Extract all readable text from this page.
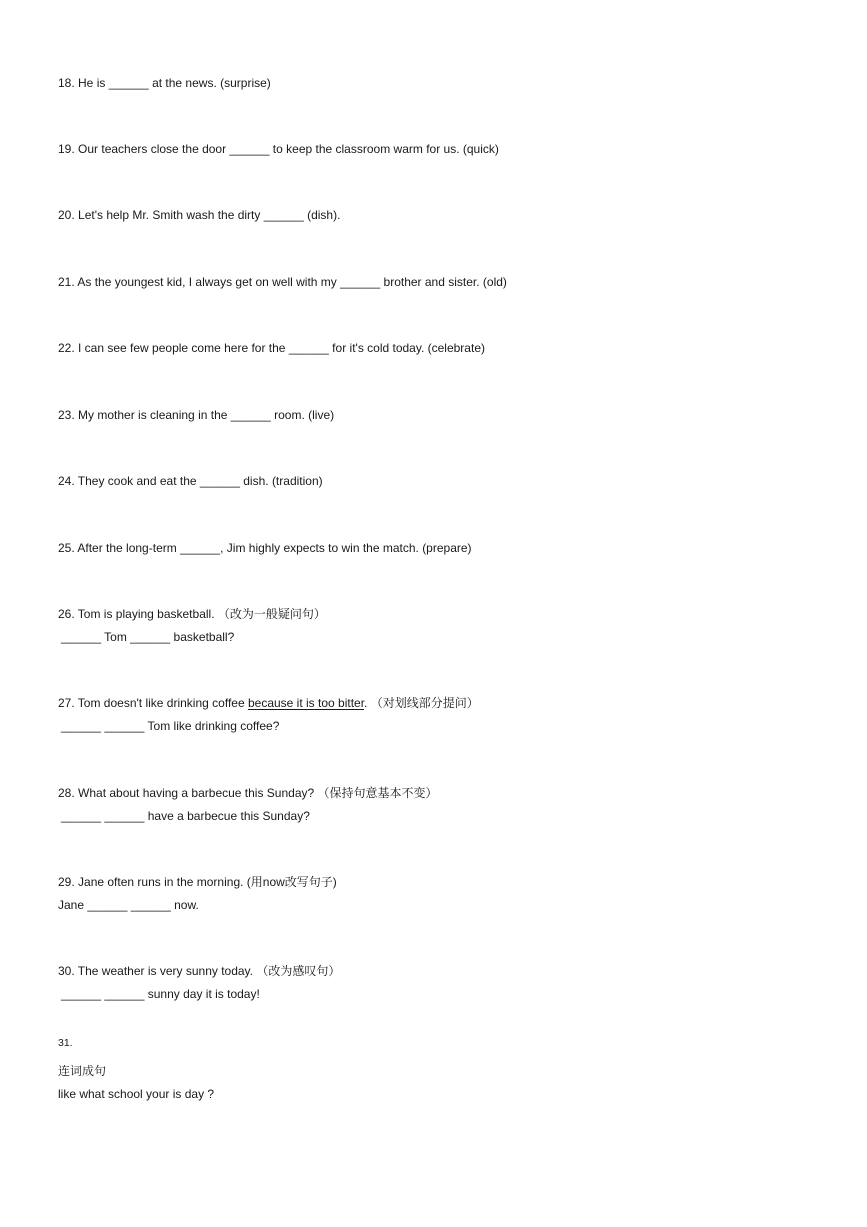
18. He is ______ at the news. (surprise)
19. Our teachers close the door ______ to keep the classroom warm for us. (quick)
20. Let's help Mr. Smith wash the dirty ______ (dish).
21. As the youngest kid, I always get on well with my ______ brother and sister. (old)
22. I can see few people come here for the ______ for it's cold today. (celebrate)
23. My mother is cleaning in the ______ room. (live)
24. They cook and eat the ______ dish. (tradition)
25. After the long-term ______, Jim highly expects to win the match. (prepare)
26. Tom is playing basketball. （改为一般疑问句）
______ Tom ______ basketball?
27. Tom doesn't like drinking coffee because it is too bitter. （对划线部分提问）
______ ______ Tom like drinking coffee?
28. What about having a barbecue this Sunday? （保持句意基本不变）
______ ______ have a barbecue this Sunday?
29. Jane often runs in the morning. (用now改写句子)
Jane ______ ______ now.
30. The weather is very sunny today. （改为感叹句）
______ ______ sunny day it is today!
31.
连词成句
like what school your is day ?
